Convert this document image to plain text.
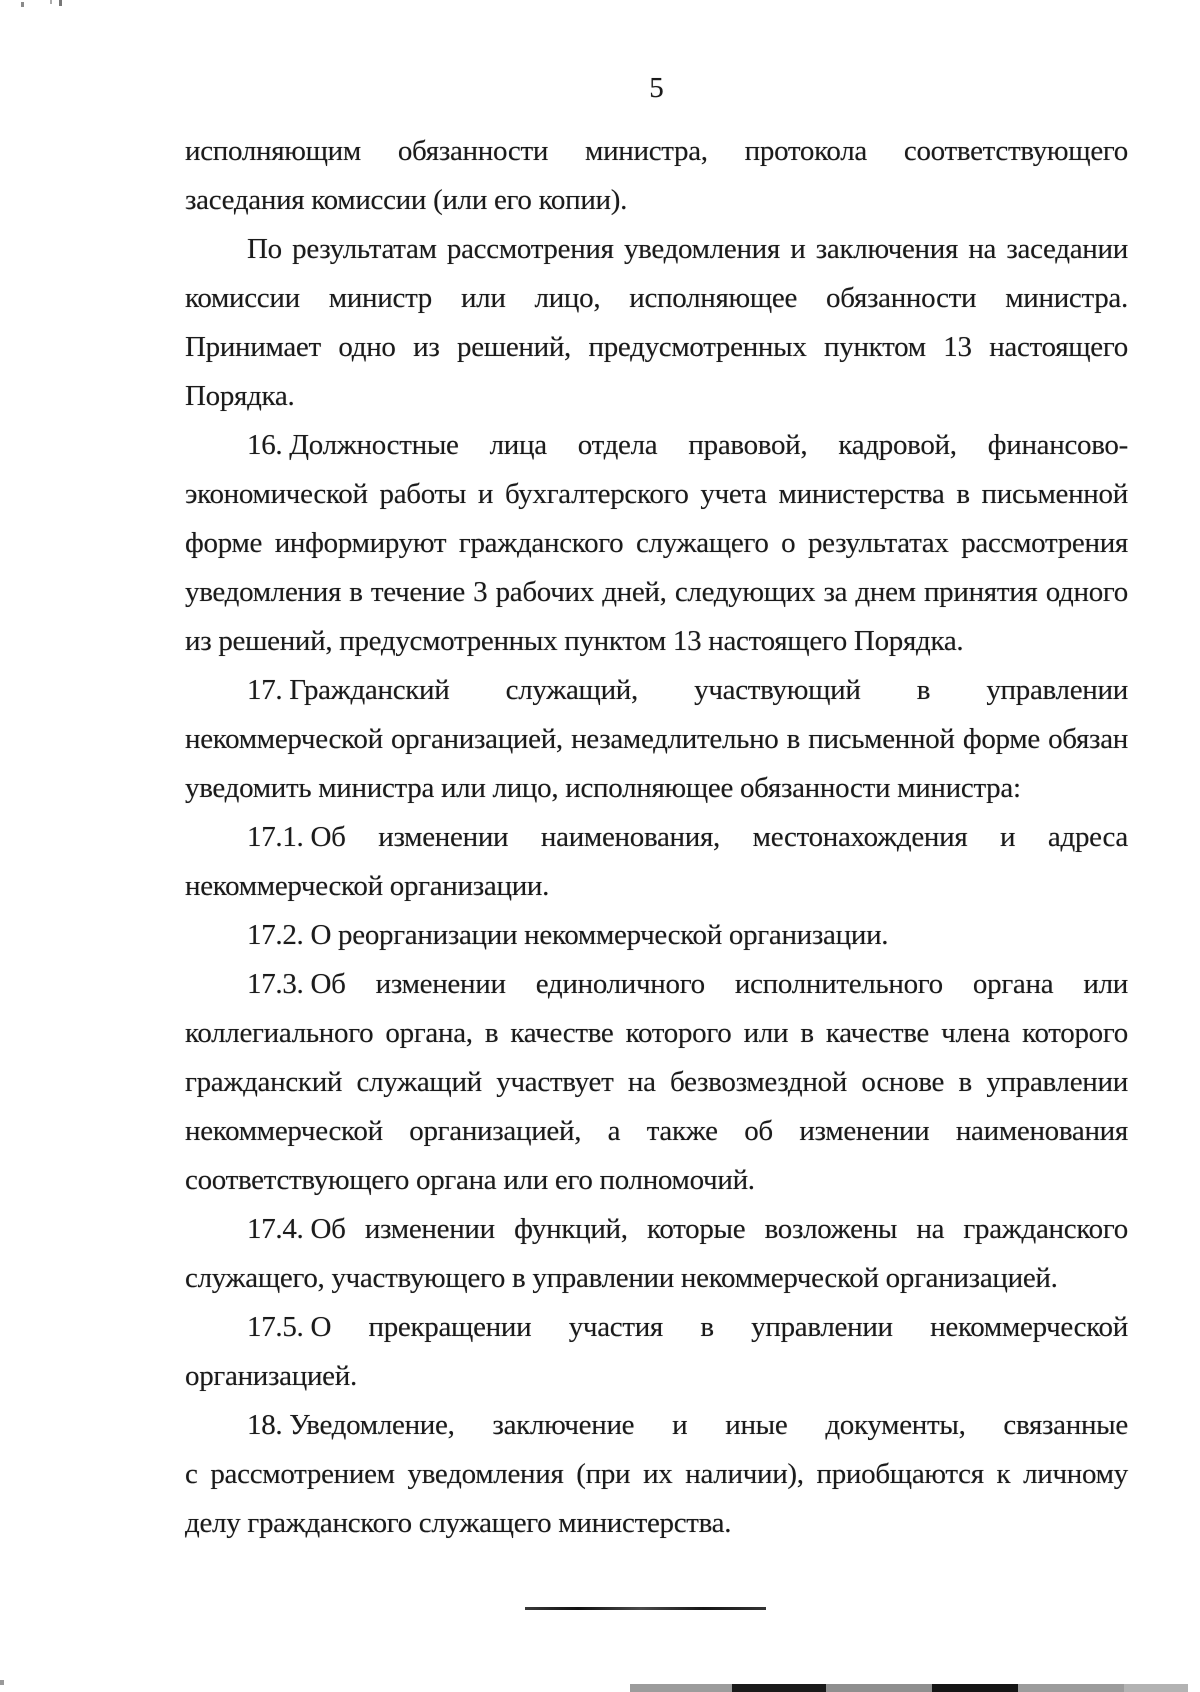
5
исполняющим обязанности министра, протокола соответствующего
заседания комиссии (или его копии).
По результатам рассмотрения уведомления и заключения на заседании
комиссии министр или лицо, исполняющее обязанности министра.
Принимает одно из решений, предусмотренных пунктом 13 настоящего
Порядка.
16. Должностные лица отдела правовой, кадровой, финансово-
экономической работы и бухгалтерского учета министерства в письменной
форме информируют гражданского служащего о результатах рассмотрения
уведомления в течение 3 рабочих дней, следующих за днем принятия одного
из решений, предусмотренных пунктом 13 настоящего Порядка.
17. Гражданский служащий, участвующий в управлении
некоммерческой организацией, незамедлительно в письменной форме обязан
уведомить министра или лицо, исполняющее обязанности министра:
17.1. Об изменении наименования, местонахождения и адреса
некоммерческой организации.
17.2. О реорганизации некоммерческой организации.
17.3. Об изменении единоличного исполнительного органа или
коллегиального органа, в качестве которого или в качестве члена которого
гражданский служащий участвует на безвозмездной основе в управлении
некоммерческой организацией, а также об изменении наименования
соответствующего органа или его полномочий.
17.4. Об изменении функций, которые возложены на гражданского
служащего, участвующего в управлении некоммерческой организацией.
17.5. О прекращении участия в управлении некоммерческой
организацией.
18. Уведомление, заключение и иные документы, связанные
с рассмотрением уведомления (при их наличии), приобщаются к личному
делу гражданского служащего министерства.
